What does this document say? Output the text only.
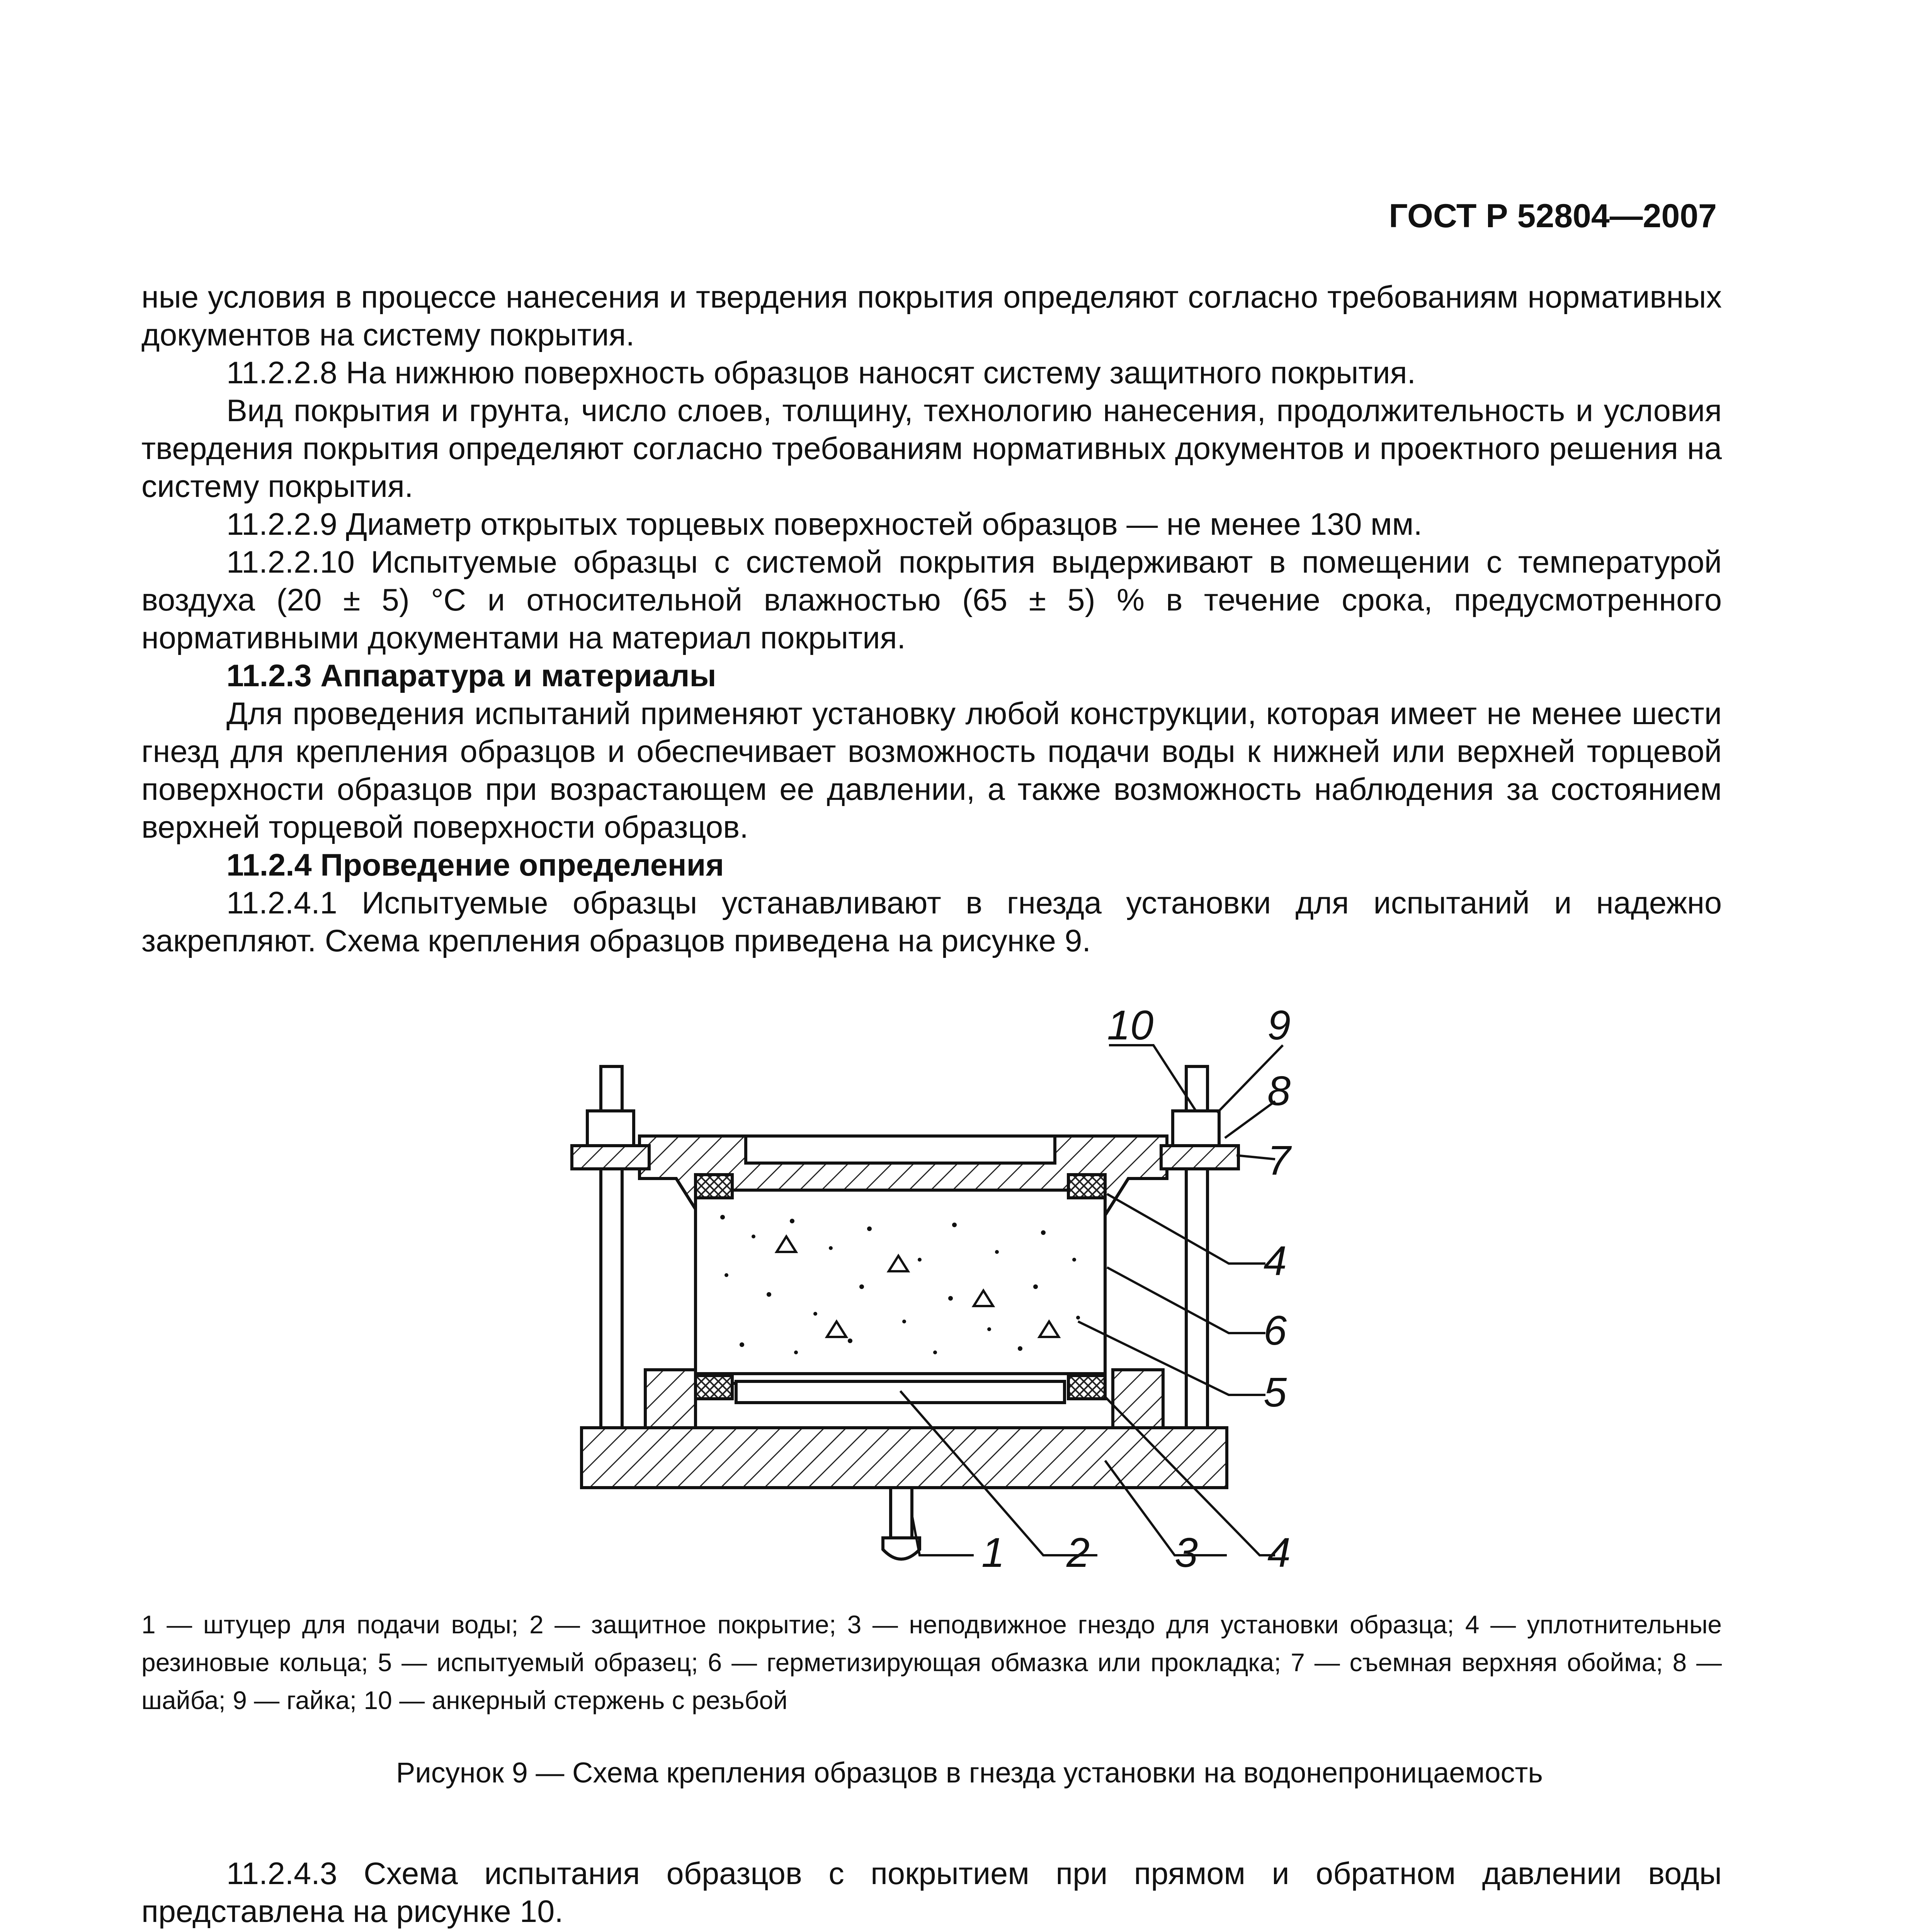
ГОСТ Р 52804—2007

ные условия в процессе нанесения и твердения покрытия определяют согласно требованиям нормативных документов на систему покрытия.

11.2.2.8 На нижнюю поверхность образцов наносят систему защитного покрытия.

Вид покрытия и грунта, число слоев, толщину, технологию нанесения, продолжительность и условия твердения покрытия определяют согласно требованиям нормативных документов и проектного решения на систему покрытия.

11.2.2.9 Диаметр открытых торцевых поверхностей образцов — не менее 130 мм.

11.2.2.10 Испытуемые образцы с системой покрытия выдерживают в помещении с температурой воздуха (20 ± 5) °С и относительной влажностью (65 ± 5) % в течение срока, предусмотренного нормативными документами на материал покрытия.

11.2.3 Аппаратура и материалы

Для проведения испытаний применяют установку любой конструкции, которая имеет не менее шести гнезд для крепления образцов и обеспечивает возможность подачи воды к нижней или верхней торцевой поверхности образцов при возрастающем ее давлении, а также возможность наблюдения за состоянием верхней торцевой поверхности образцов.

11.2.4 Проведение определения

11.2.4.1 Испытуемые образцы устанавливают в гнезда установки для испытаний и надежно закрепляют. Схема крепления образцов приведена на рисунке 9.

10	9
8
7
4
6
5
1 2 3 4
1 — штуцер для подачи воды; 2 — защитное покрытие; 3 — неподвижное гнездо для установки образца; 4 — уплотнительные резиновые кольца; 5 — испытуемый образец; 6 — герметизирующая обмазка или прокладка; 7 — съемная верхняя обойма; 8 — шайба; 9 — гайка; 10 — анкерный стержень с резьбой
Рисунок 9 — Схема крепления образцов в гнезда установки на водонепроницаемость

11.2.4.3 Схема испытания образцов с покрытием при прямом и обратном давлении воды представлена на рисунке 10.
